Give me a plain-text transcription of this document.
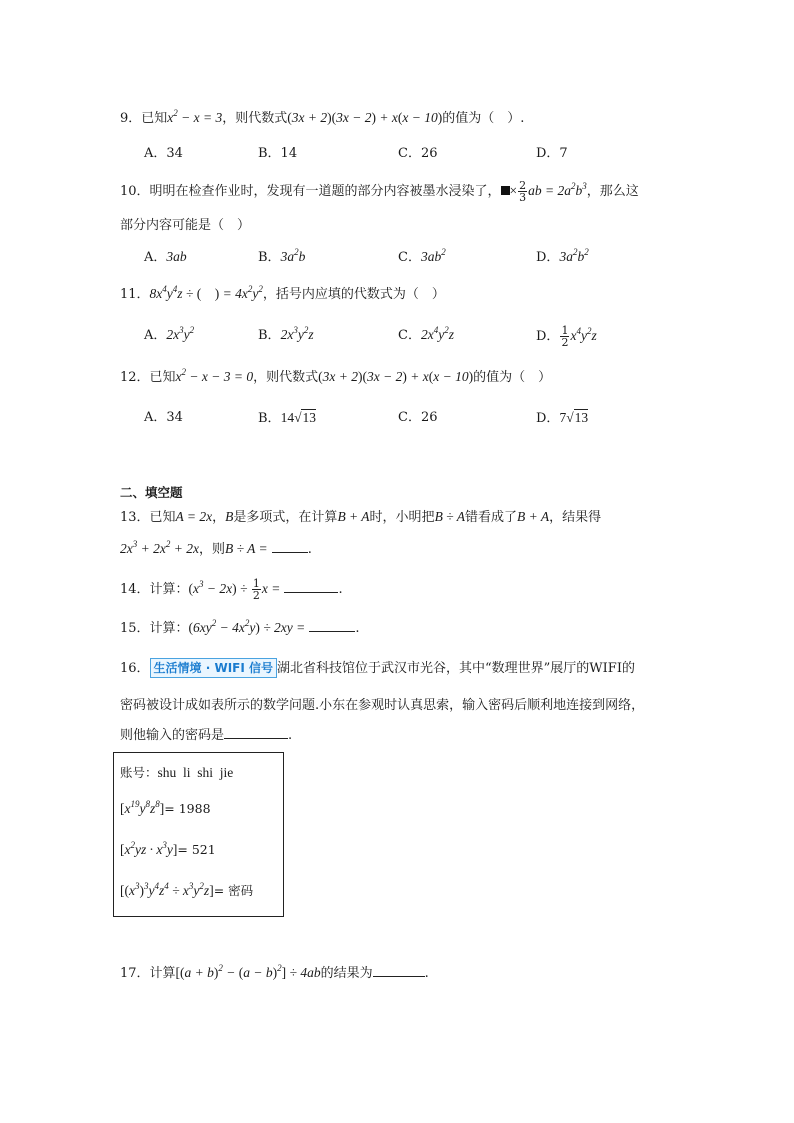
9．已知$x^2 - x = 3$，则代数式(3x + 2)(3x − 2) + x(x − 10)的值为（　）.
A．34	B．14	C．26	D．7
10．明明在检查作业时，发现有一道题的部分内容被墨水浸染了， × $\frac{2}{3}$ ab = $2a^2b^3$，那么这
部分内容可能是（　）
A．3ab	B．$3a^2b$	C．$3ab^2$	D．$3a^2b^2$
11．$8x^4y^4z$ ÷ (　) = $4x^2y^2$，括号内应填的代数式为（　）
A．$2x^3y^2$	B．$2x^3y^2z$	C．$2x^4y^2z$	D． $\frac{1}{2} x^4y^2z$
12．已知$x^2 - x - 3 = 0$，则代数式(3x + 2)(3x − 2) + x(x − 10)的值为（　）
A．34	B．14√13	C．26	D．7√13
二、填空题
13．已知A = 2x，B是多项式，在计算B + A时，小明把B ÷ A错看成了B + A，结果得
$2x^3 + 2x^2 + 2x$，则B ÷ A =	.
14．计算：$(x^3 - 2x) \div \frac{1}{2}$ x =	.
15．计算：$(6xy^2 - 4x^2y) \div 2xy$ =	.
16． 生活情境 · WIFI 信号 湖北省科技馆位于武汉市光谷，其中“数理世界”展厅的WIFI的
密码被设计成如表所示的数学问题.小东在参观时认真思索，输入密码后顺利地连接到网络，
则他输入的密码是	.
账号：shu  li  shi  jie
$[x^{19}y^8z^8]= 1988$
$[x^2yz \cdot x^3y]= 521$
$[(x^3)^3y^4z^4 \div x^3y^2z]=$ 密码
17．计算$[(a + b)^2 - (a - b)^2] \div 4ab$的结果为	.
